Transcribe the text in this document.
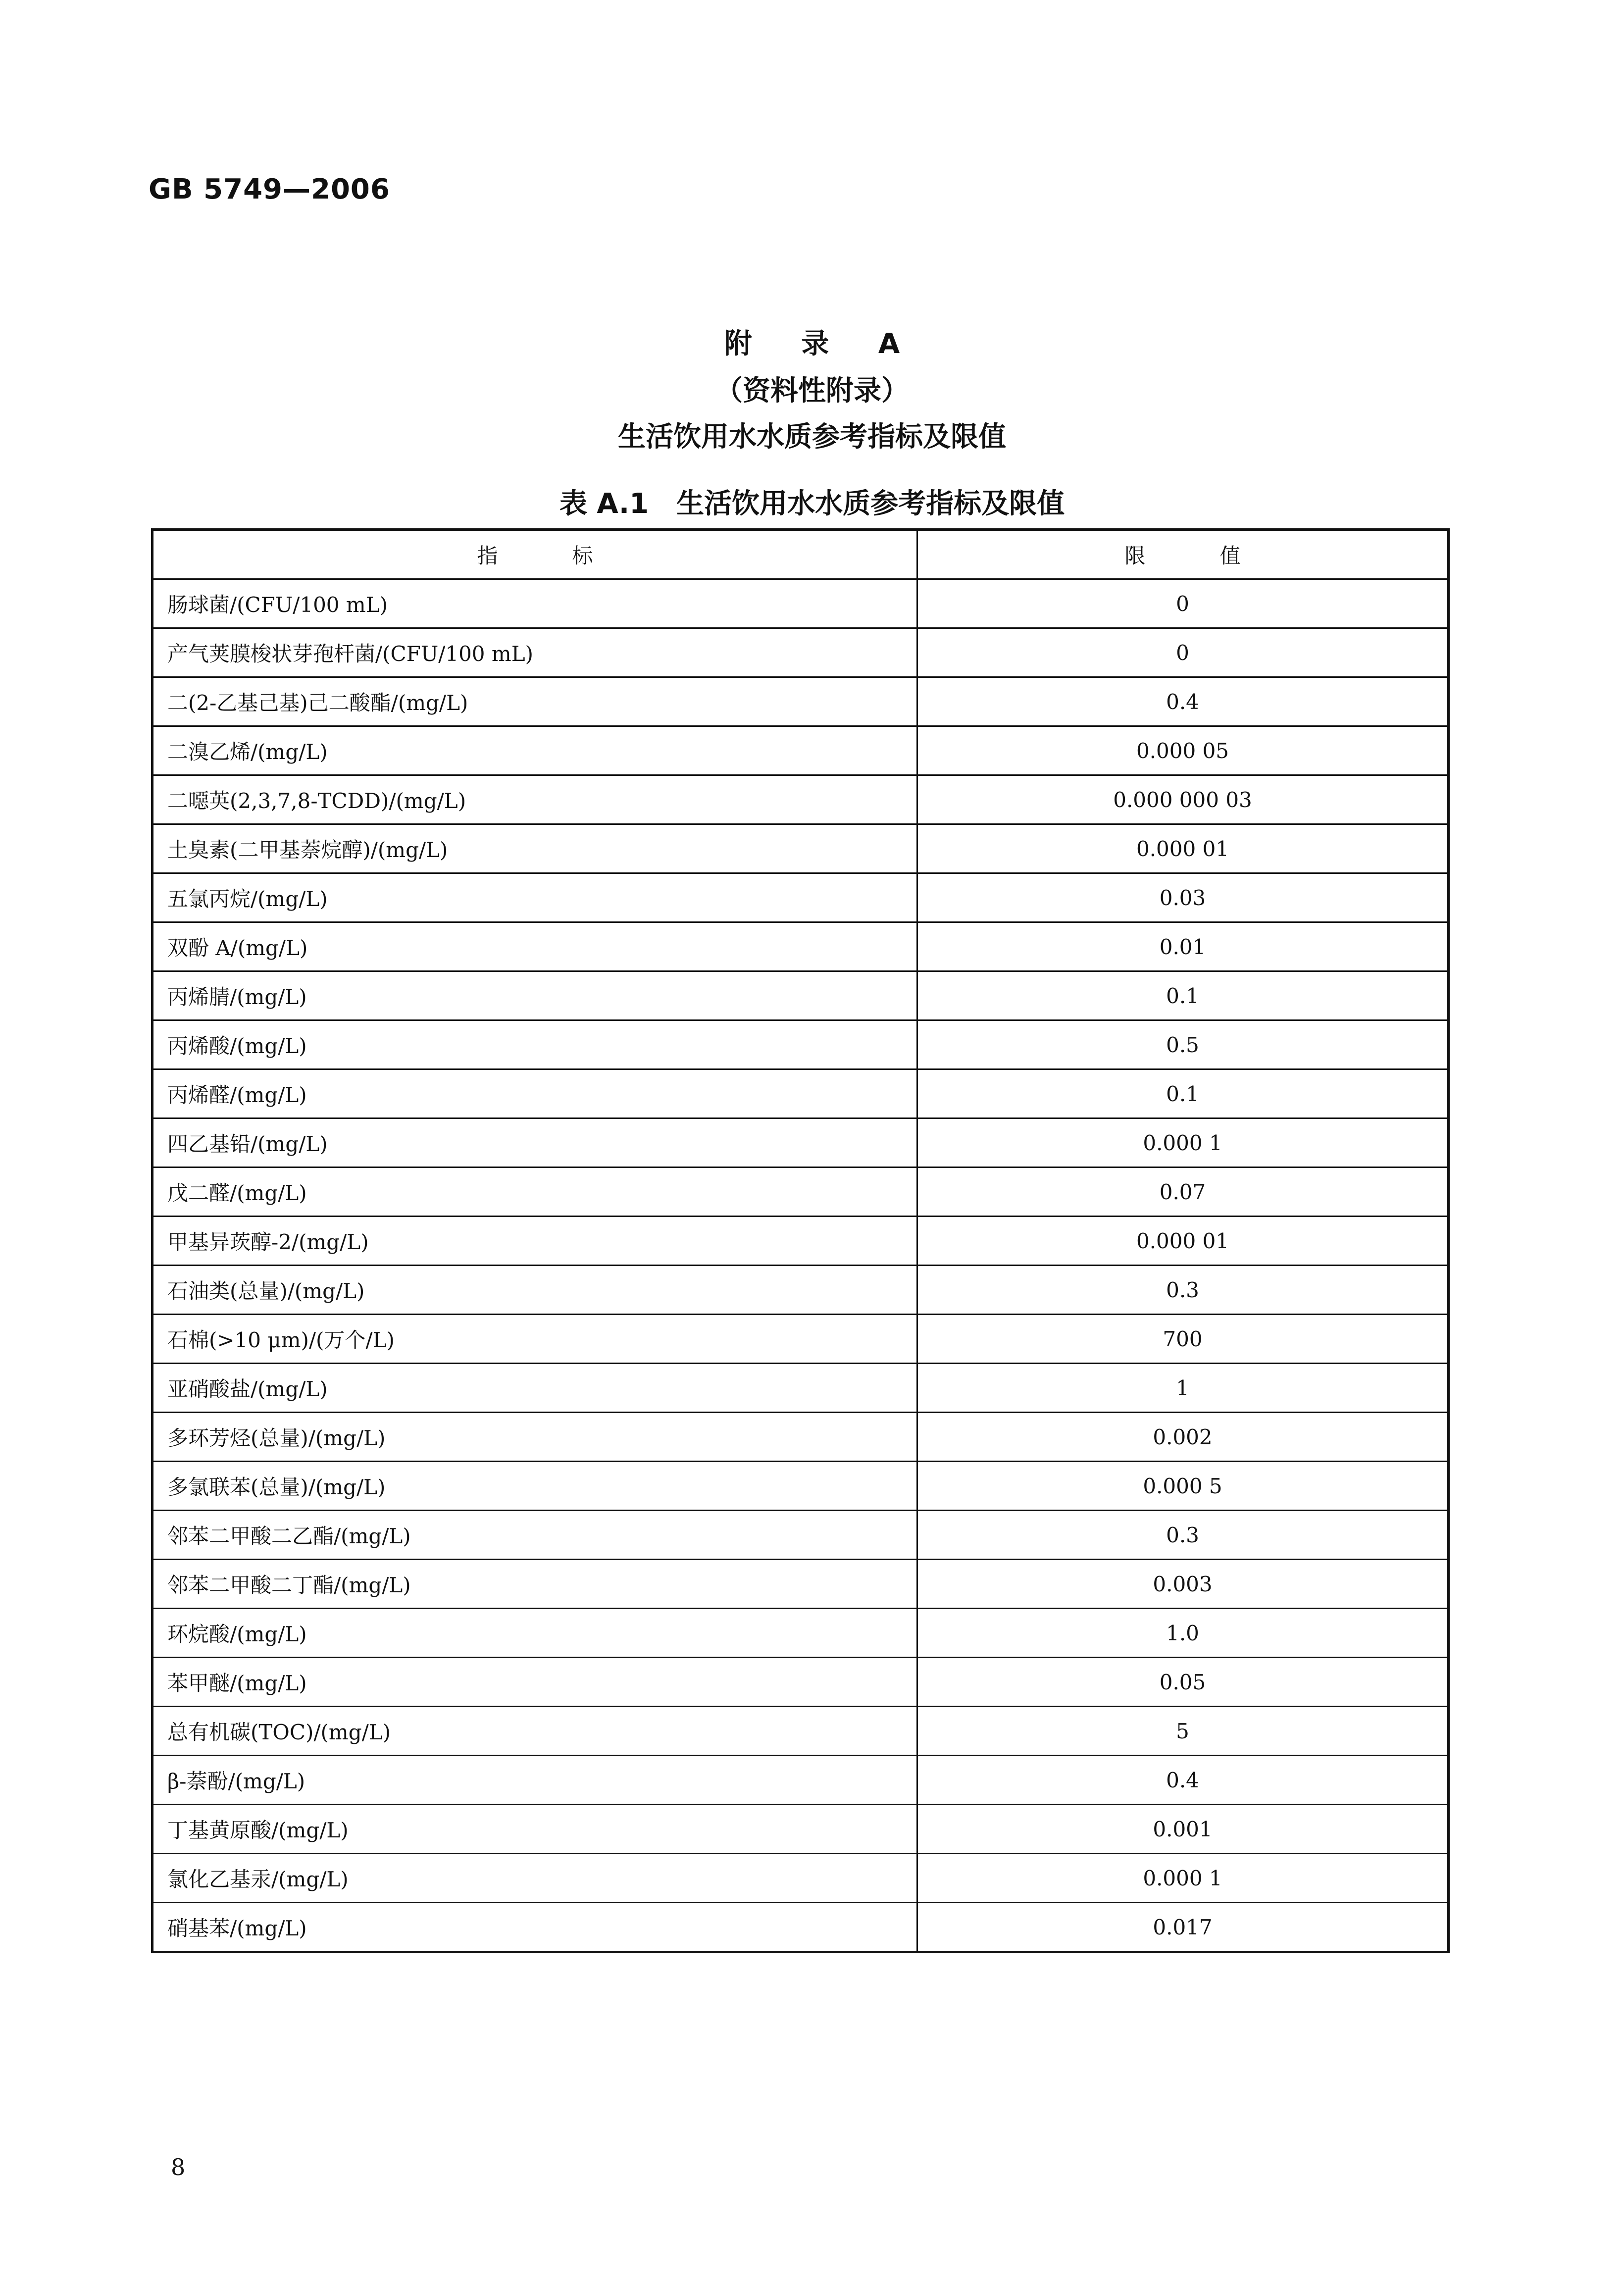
GB 5749—2006
附 录 A
（资料性附录）
生活饮用水水质参考指标及限值
表 A.1 生活饮用水水质参考指标及限值
指标	限值
肠球菌/(CFU/100 mL)	0
产气荚膜梭状芽孢杆菌/(CFU/100 mL)	0
二(2-乙基己基)己二酸酯/(mg/L)	0.4
二溴乙烯/(mg/L)	0.000 05
二噁英(2,3,7,8-TCDD)/(mg/L)	0.000 000 03
土臭素(二甲基萘烷醇)/(mg/L)	0.000 01
五氯丙烷/(mg/L)	0.03
双酚 A/(mg/L)	0.01
丙烯腈/(mg/L)	0.1
丙烯酸/(mg/L)	0.5
丙烯醛/(mg/L)	0.1
四乙基铅/(mg/L)	0.000 1
戊二醛/(mg/L)	0.07
甲基异莰醇-2/(mg/L)	0.000 01
石油类(总量)/(mg/L)	0.3
石棉(>10 μm)/(万个/L)	700
亚硝酸盐/(mg/L)	1
多环芳烃(总量)/(mg/L)	0.002
多氯联苯(总量)/(mg/L)	0.000 5
邻苯二甲酸二乙酯/(mg/L)	0.3
邻苯二甲酸二丁酯/(mg/L)	0.003
环烷酸/(mg/L)	1.0
苯甲醚/(mg/L)	0.05
总有机碳(TOC)/(mg/L)	5
β-萘酚/(mg/L)	0.4
丁基黄原酸/(mg/L)	0.001
氯化乙基汞/(mg/L)	0.000 1
硝基苯/(mg/L)	0.017
8
